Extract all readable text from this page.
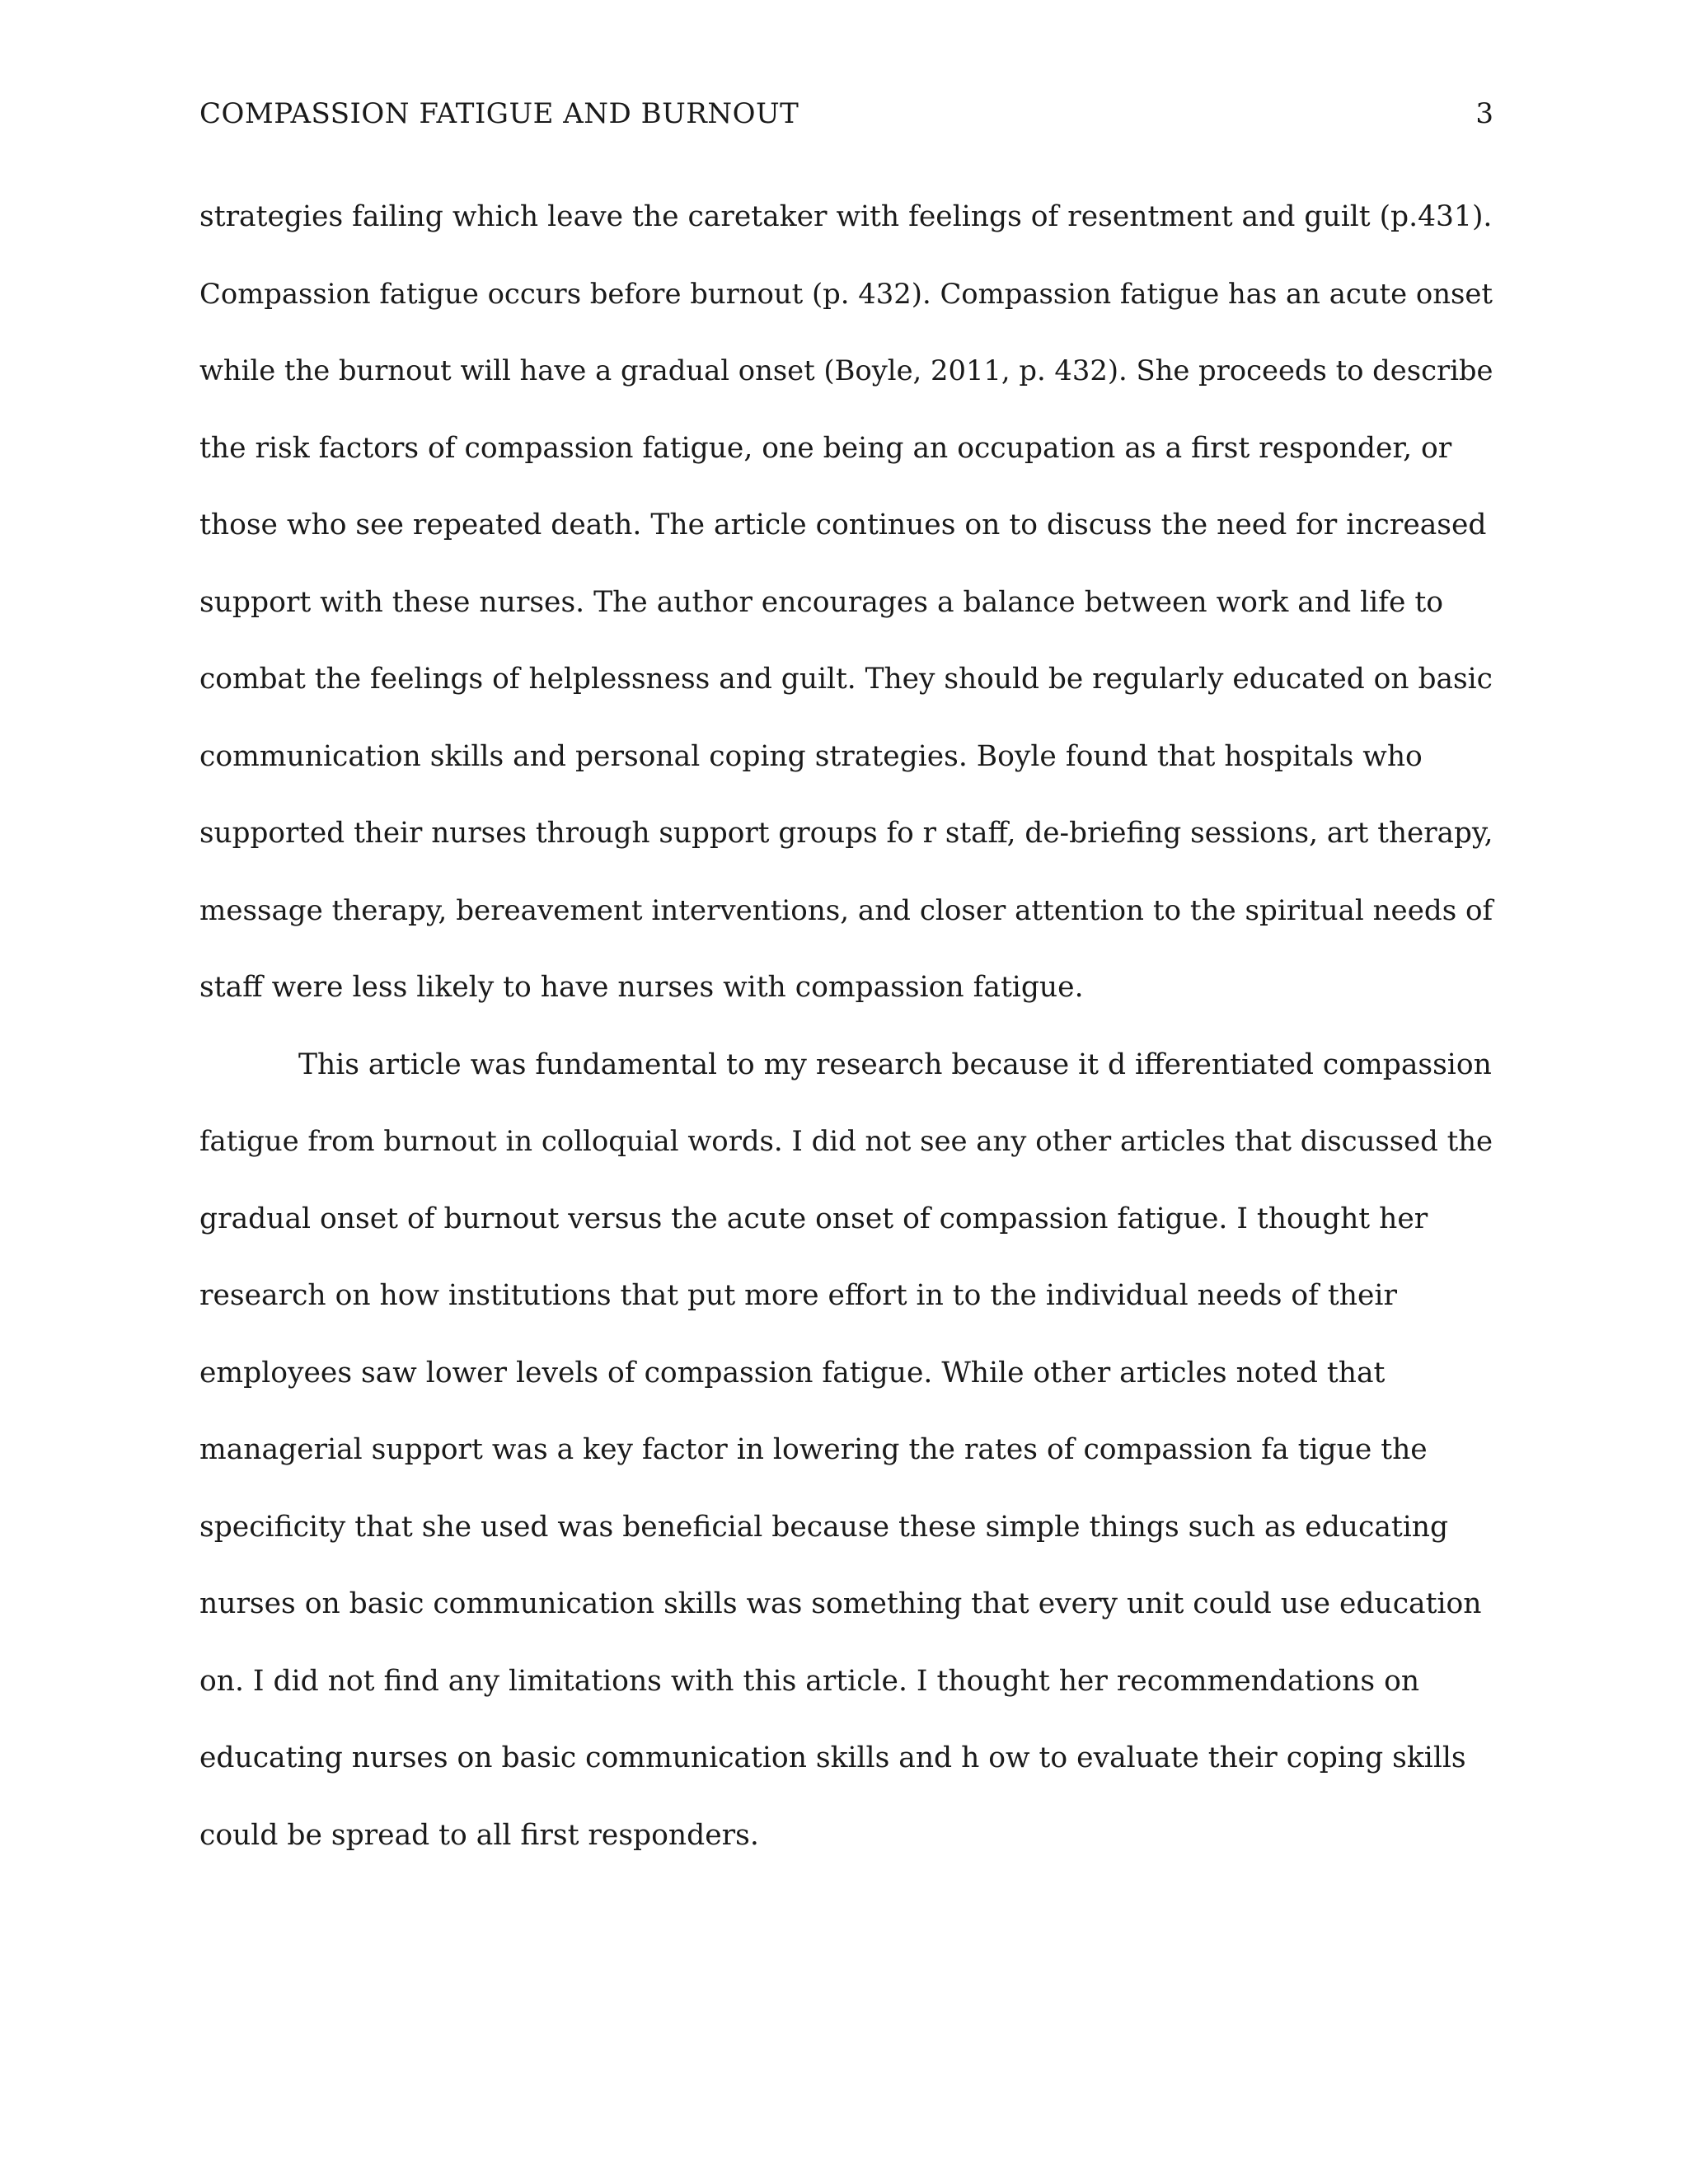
COMPASSION FATIGUE AND BURNOUT	3
strategies failing which leave the caretaker with feelings of resentment and guilt (p.431).
Compassion fatigue occurs before burnout (p. 432). Compassion fatigue has an acute onset
while the burnout will have a gradual onset (Boyle, 2011, p. 432). She proceeds to describe
the risk factors of compassion fatigue, one being an occupation as a first responder, or
those who see repeated death. The article continues on to discuss the need for increased
support with these nurses. The author encourages a balance between work and life to
combat the feelings of helplessness and guilt. They should be regularly educated on basic
communication skills and personal coping strategies. Boyle found that hospitals who
supported their nurses through support groups fo r staff, de-briefing sessions, art therapy,
message therapy, bereavement interventions, and closer attention to the spiritual needs of
staff were less likely to have nurses with compassion fatigue.
This article was fundamental to my research because it d ifferentiated compassion
fatigue from burnout in colloquial words. I did not see any other articles that discussed the
gradual onset of burnout versus the acute onset of compassion fatigue. I thought her
research on how institutions that put more effort in to the individual needs of their
employees saw lower levels of compassion fatigue. While other articles noted that
managerial support was a key factor in lowering the rates of compassion fa tigue the
specificity that she used was beneficial because these simple things such as educating
nurses on basic communication skills was something that every unit could use education
on. I did not find any limitations with this article. I thought her recommendations on
educating nurses on basic communication skills and h ow to evaluate their coping skills
could be spread to all first responders.
